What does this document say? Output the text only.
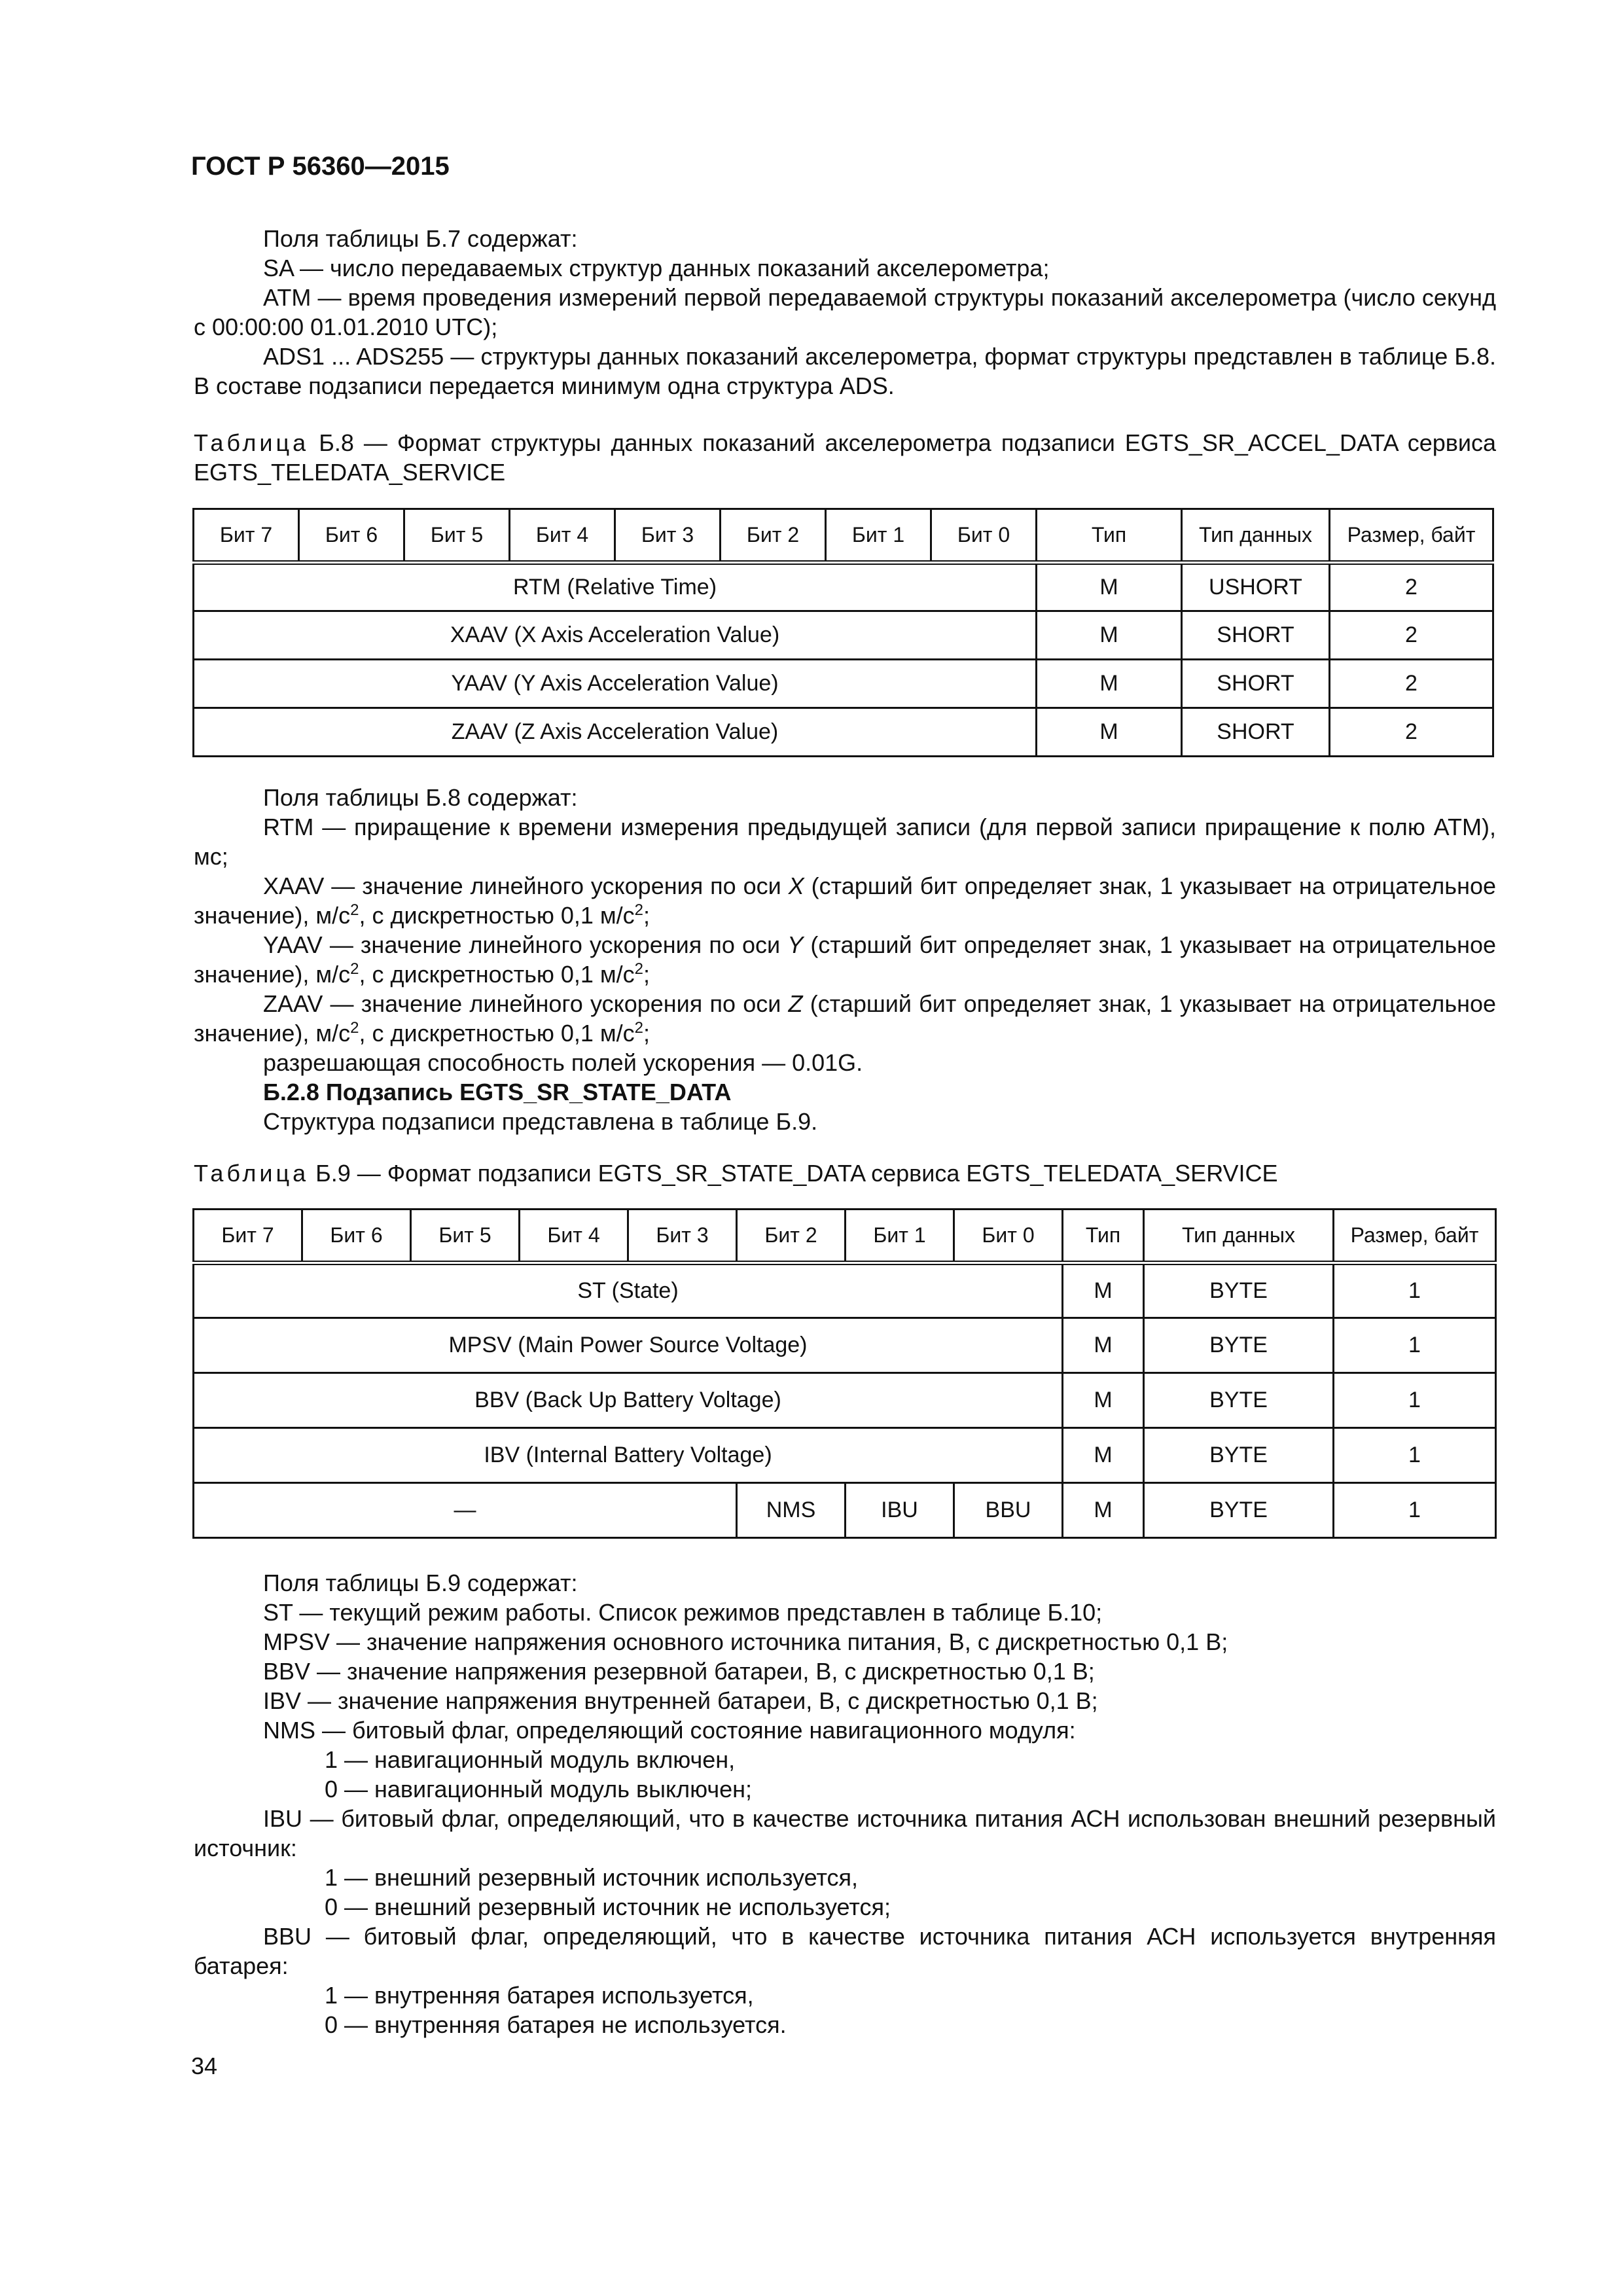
ГОСТ Р 56360—2015

Поля таблицы Б.7 содержат:

SA — число передаваемых структур данных показаний акселерометра;

ATM — время проведения измерений первой передаваемой структуры показаний акселерометра (число секунд с 00:00:00 01.01.2010 UTC);

ADS1 ... ADS255 — структуры данных показаний акселерометра, формат структуры представлен в таблице Б.8. В составе подзаписи передается минимум одна структура ADS.

Таблица Б.8 — Формат структуры данных показаний акселерометра подзаписи EGTS_SR_ACCEL_DATA сервиса EGTS_TELEDATA_SERVICE

Бит 7	Бит 6	Бит 5	Бит 4	Бит 3	Бит 2	Бит 1	Бит 0	Тип	Тип данных	Размер, байт
RTM (Relative Time)								M	USHORT	2
XAAV (X Axis Acceleration Value)								M	SHORT	2
YAAV (Y Axis Acceleration Value)								M	SHORT	2
ZAAV (Z Axis Acceleration Value)								M	SHORT	2

Поля таблицы Б.8 содержат:

RTM — приращение к времени измерения предыдущей записи (для первой записи приращение к полю ATM), мс;

XAAV — значение линейного ускорения по оси X (старший бит определяет знак, 1 указывает на отрицательное значение), $м/с^2$, с дискретностью 0,1 $м/с^2$;

YAAV — значение линейного ускорения по оси Y (старший бит определяет знак, 1 указывает на отрицательное значение), $м/с^2$, с дискретностью 0,1 $м/с^2$;

ZAAV — значение линейного ускорения по оси Z (старший бит определяет знак, 1 указывает на отрицательное значение), $м/с^2$, с дискретностью 0,1 $м/с^2$;

разрешающая способность полей ускорения — 0.01G.

Б.2.8 Подзапись EGTS_SR_STATE_DATA

Структура подзаписи представлена в таблице Б.9.

Таблица Б.9 — Формат подзаписи EGTS_SR_STATE_DATA сервиса EGTS_TELEDATA_SERVICE

Бит 7	Бит 6	Бит 5	Бит 4	Бит 3	Бит 2	Бит 1	Бит 0	Тип	Тип данных	Размер, байт
ST (State)								M	BYTE	1
MPSV (Main Power Source Voltage)								M	BYTE	1
BBV (Back Up Battery Voltage)								M	BYTE	1
IBV (Internal Battery Voltage)								M	BYTE	1
—					NMS	IBU	BBU	M	BYTE	1

Поля таблицы Б.9 содержат:

ST — текущий режим работы. Список режимов представлен в таблице Б.10;

MPSV — значение напряжения основного источника питания, В, с дискретностью 0,1 В;

BBV — значение напряжения резервной батареи, В, с дискретностью 0,1 В;

IBV — значение напряжения внутренней батареи, В, с дискретностью 0,1 В;

NMS — битовый флаг, определяющий состояние навигационного модуля:

1 — навигационный модуль включен,

0 — навигационный модуль выключен;

IBU — битовый флаг, определяющий, что в качестве источника питания АСН использован внешний резервный источник:

1 — внешний резервный источник используется,

0 — внешний резервный источник не используется;

BBU — битовый флаг, определяющий, что в качестве источника питания АСН используется внутренняя батарея:

1 — внутренняя батарея используется,

0 — внутренняя батарея не используется.

34
